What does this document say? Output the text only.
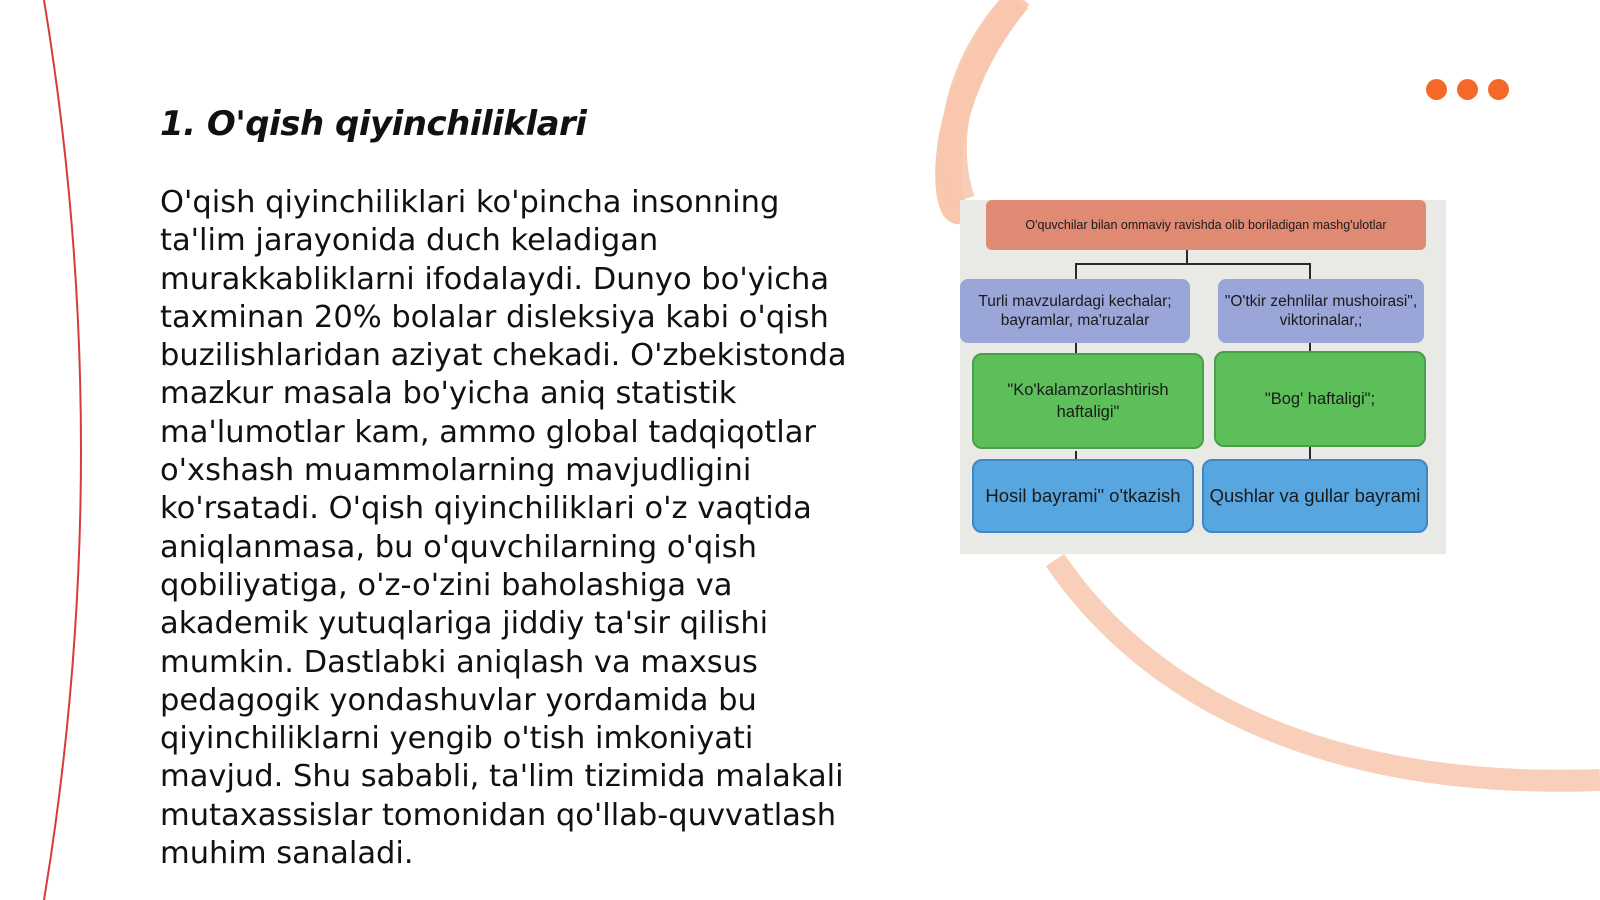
1. O'qish qiyinchiliklari
O'qish qiyinchiliklari ko'pincha insonning
ta'lim jarayonida duch keladigan
murakkabliklarni ifodalaydi. Dunyo bo'yicha
taxminan 20% bolalar disleksiya kabi o'qish
buzilishlaridan aziyat chekadi. O'zbekistonda
mazkur masala bo'yicha aniq statistik
ma'lumotlar kam, ammo global tadqiqotlar
o'xshash muammolarning mavjudligini
ko'rsatadi. O'qish qiyinchiliklari o'z vaqtida
aniqlanmasa, bu o'quvchilarning o'qish
qobiliyatiga, o'z-o'zini baholashiga va
akademik yutuqlariga jiddiy ta'sir qilishi
mumkin. Dastlabki aniqlash va maxsus
pedagogik yondashuvlar yordamida bu
qiyinchiliklarni yengib o'tish imkoniyati
mavjud. Shu sababli, ta'lim tizimida malakali
mutaxassislar tomonidan qo'llab-quvvatlash
muhim sanaladi.
O'quvchilar bilan ommaviy ravishda olib boriladigan mashg'ulotlar
Turli mavzulardagi kechalar; bayramlar, ma'ruzalar
"O'tkir zehnlilar mushoirasi", viktorinalar,;
"Ko'kalamzorlashtirish haftaligi"
"Bog' haftaligi";
Hosil bayrami" o'tkazish	Qushlar va gullar bayrami
